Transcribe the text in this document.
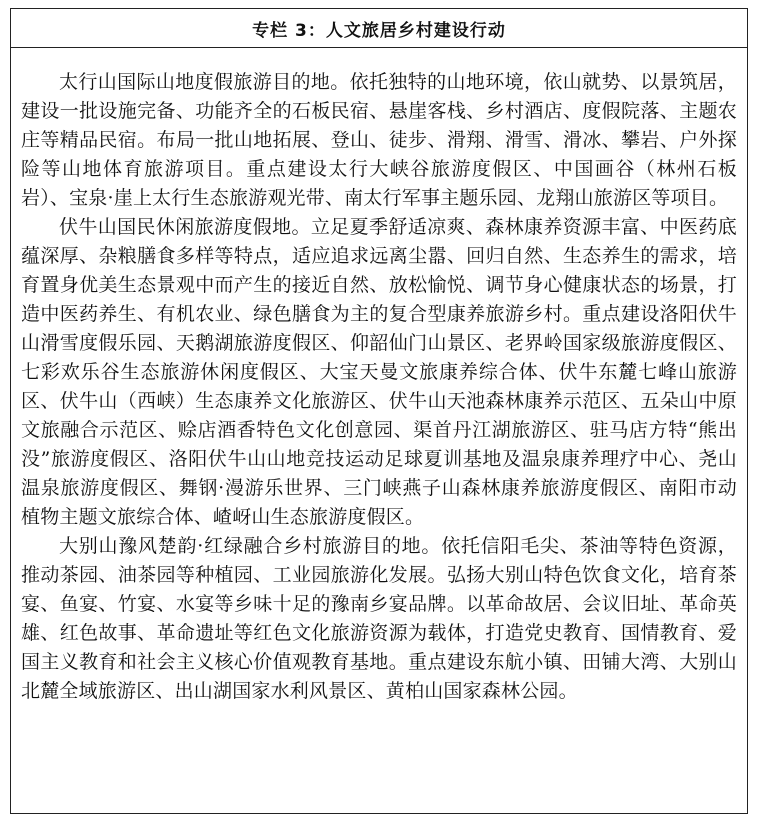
专栏 3：人文旅居乡村建设行动

太行山国际山地度假旅游目的地。依托独特的山地环境，依山就势、以景筑居，建设一批设施完备、功能齐全的石板民宿、悬崖客栈、乡村酒店、度假院落、主题农庄等精品民宿。布局一批山地拓展、登山、徒步、滑翔、滑雪、滑冰、攀岩、户外探险等山地体育旅游项目。重点建设太行大峡谷旅游度假区、中国画谷（林州石板岩）、宝泉·崖上太行生态旅游观光带、南太行军事主题乐园、龙翔山旅游区等项目。

伏牛山国民休闲旅游度假地。立足夏季舒适凉爽、森林康养资源丰富、中医药底蕴深厚、杂粮膳食多样等特点，适应追求远离尘嚣、回归自然、生态养生的需求，培育置身优美生态景观中而产生的接近自然、放松愉悦、调节身心健康状态的场景，打造中医药养生、有机农业、绿色膳食为主的复合型康养旅游乡村。重点建设洛阳伏牛山滑雪度假乐园、天鹅湖旅游度假区、仰韶仙门山景区、老界岭国家级旅游度假区、七彩欢乐谷生态旅游休闲度假区、大宝天曼文旅康养综合体、伏牛东麓七峰山旅游区、伏牛山（西峡）生态康养文化旅游区、伏牛山天池森林康养示范区、五朵山中原文旅融合示范区、赊店酒香特色文化创意园、渠首丹江湖旅游区、驻马店方特“熊出没”旅游度假区、洛阳伏牛山山地竞技运动足球夏训基地及温泉康养理疗中心、尧山温泉旅游度假区、舞钢·漫游乐世界、三门峡燕子山森林康养旅游度假区、南阳市动植物主题文旅综合体、嵖岈山生态旅游度假区。

大别山豫风楚韵·红绿融合乡村旅游目的地。依托信阳毛尖、茶油等特色资源，推动茶园、油茶园等种植园、工业园旅游化发展。弘扬大别山特色饮食文化，培育茶宴、鱼宴、竹宴、水宴等乡味十足的豫南乡宴品牌。以革命故居、会议旧址、革命英雄、红色故事、革命遗址等红色文化旅游资源为载体，打造党史教育、国情教育、爱国主义教育和社会主义核心价值观教育基地。重点建设东航小镇、田铺大湾、大别山北麓全域旅游区、出山湖国家水利风景区、黄柏山国家森林公园。
